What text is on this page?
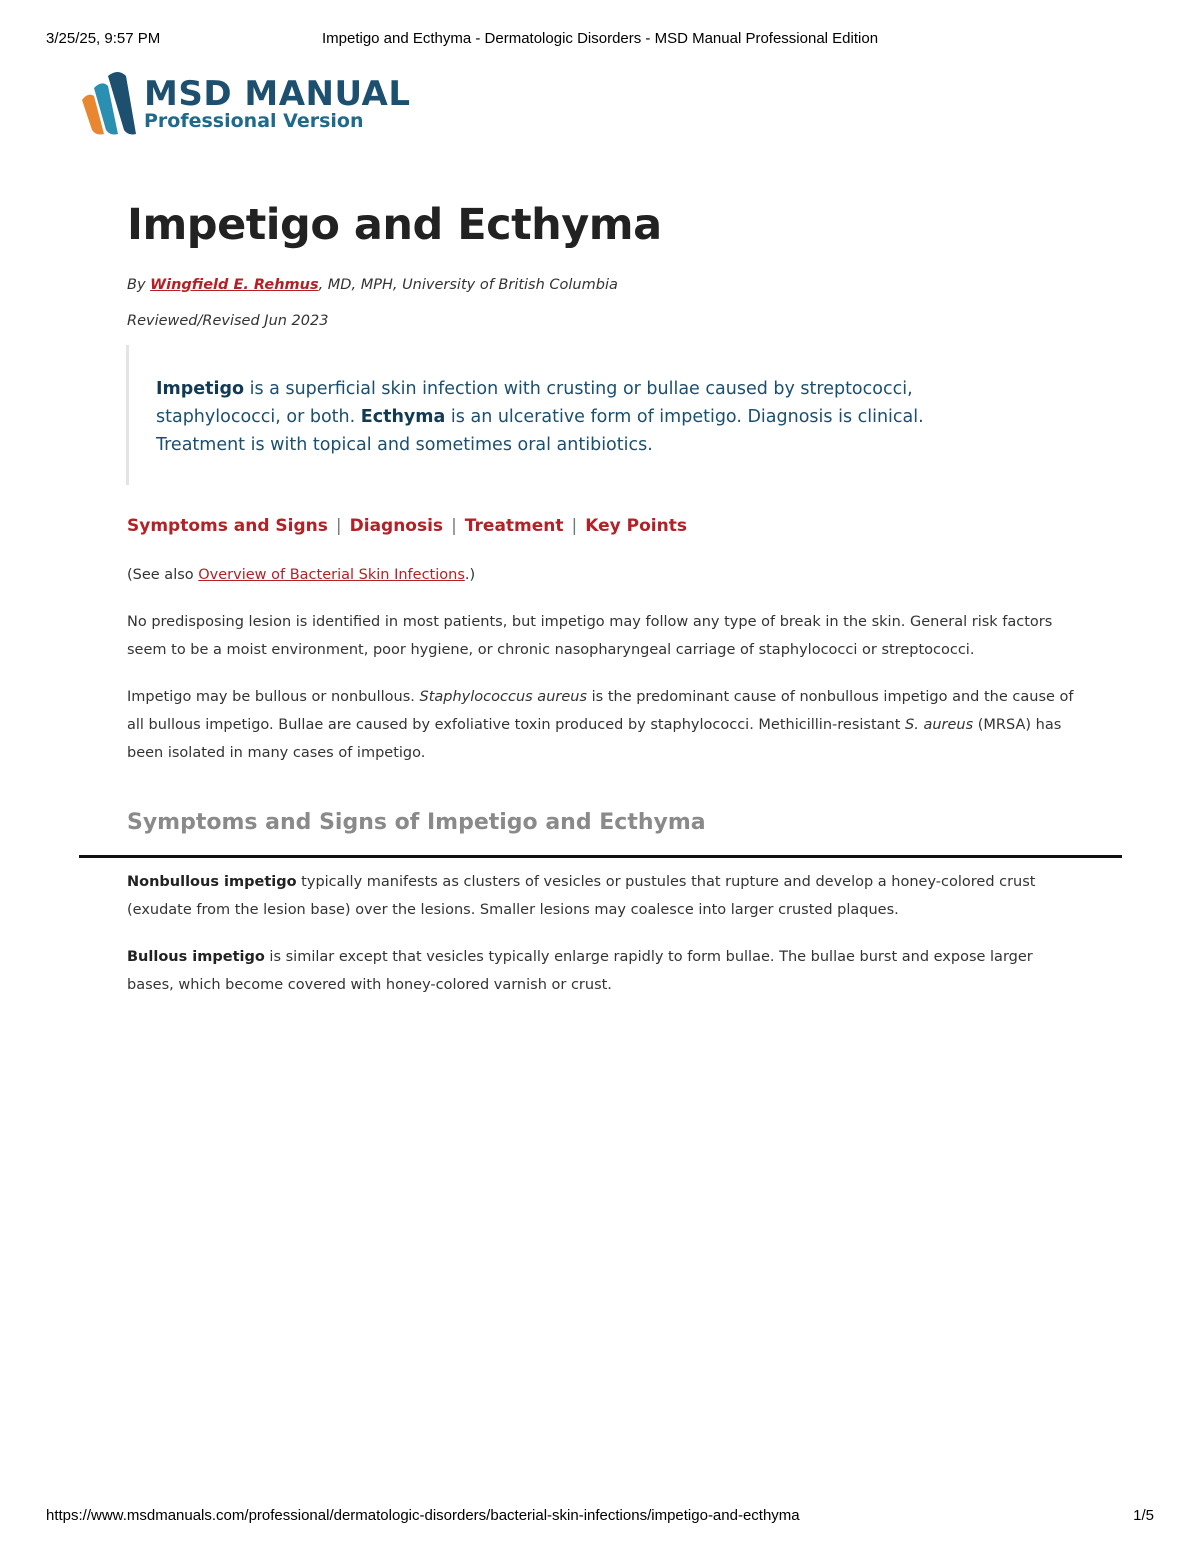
3/25/25, 9:57 PM	Impetigo and Ecthyma - Dermatologic Disorders - MSD Manual Professional Edition
MSD MANUAL
Professional Version
Impetigo and Ecthyma
By Wingfield E. Rehmus, MD, MPH, University of British Columbia
Reviewed/Revised Jun 2023

Impetigo is a superficial skin infection with crusting or bullae caused by streptococci, staphylococci, or both. Ecthyma is an ulcerative form of impetigo. Diagnosis is clinical. Treatment is with topical and sometimes oral antibiotics.

Symptoms and Signs | Diagnosis | Treatment | Key Points

(See also Overview of Bacterial Skin Infections.)

No predisposing lesion is identified in most patients, but impetigo may follow any type of break in the skin. General risk factors seem to be a moist environment, poor hygiene, or chronic nasopharyngeal carriage of staphylococci or streptococci.

Impetigo may be bullous or nonbullous. Staphylococcus aureus is the predominant cause of nonbullous impetigo and the cause of all bullous impetigo. Bullae are caused by exfoliative toxin produced by staphylococci. Methicillin-resistant S. aureus (MRSA) has been isolated in many cases of impetigo.

Symptoms and Signs of Impetigo and Ecthyma

Nonbullous impetigo typically manifests as clusters of vesicles or pustules that rupture and develop a honey-colored crust (exudate from the lesion base) over the lesions. Smaller lesions may coalesce into larger crusted plaques.

Bullous impetigo is similar except that vesicles typically enlarge rapidly to form bullae. The bullae burst and expose larger bases, which become covered with honey-colored varnish or crust.

https://www.msdmanuals.com/professional/dermatologic-disorders/bacterial-skin-infections/impetigo-and-ecthyma	1/5
